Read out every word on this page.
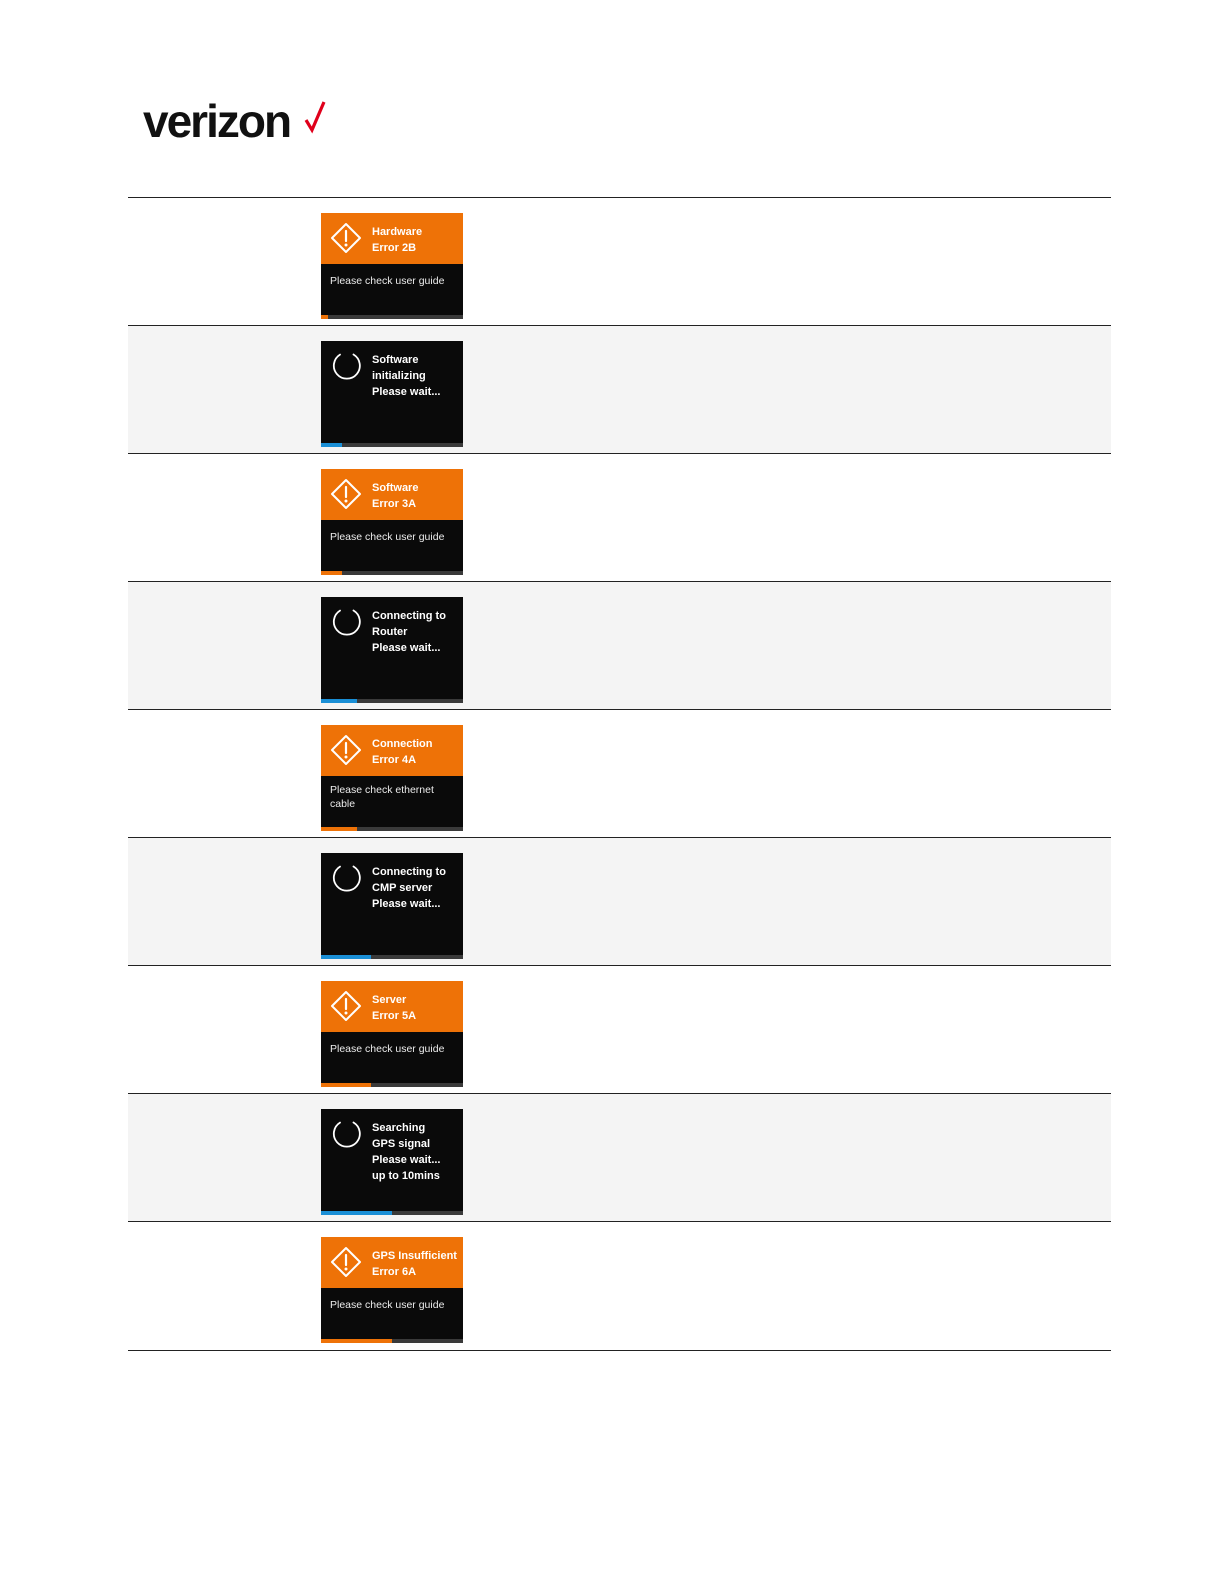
verizon
Hardware
Error 2B
Please check user guide
Software
initializing
Please wait...
Software
Error 3A
Please check user guide
Connecting to
Router
Please wait...
Connection
Error 4A
Please check ethernet cable
Connecting to
CMP server
Please wait...
Server
Error 5A
Please check user guide
Searching
GPS signal
Please wait...
up to 10mins
GPS Insufficient
Error 6A
Please check user guide
